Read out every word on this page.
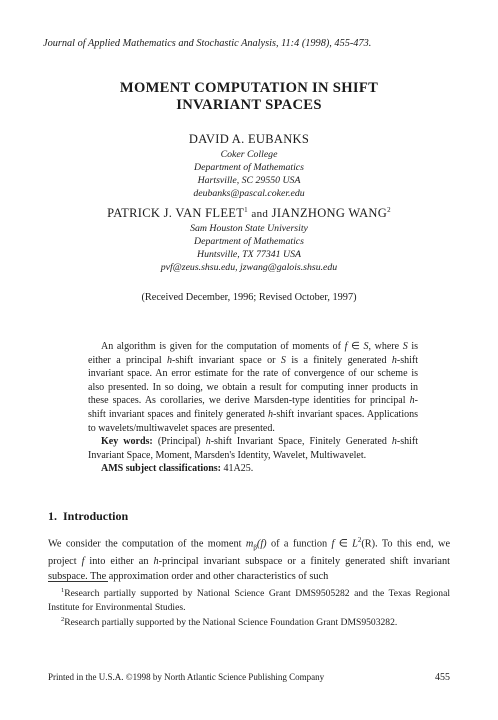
Journal of Applied Mathematics and Stochastic Analysis, 11:4 (1998), 455-473.
MOMENT COMPUTATION IN SHIFT
INVARIANT SPACES
DAVID A. EUBANKS
Coker College
Department of Mathematics
Hartsville, SC 29550 USA
deubanks@pascal.coker.edu
PATRICK J. VAN FLEET$^1$ and JIANZHONG WANG$^2$
Sam Houston State University
Department of Mathematics
Huntsville, TX 77341 USA
pvf@zeus.shsu.edu, jzwang@galois.shsu.edu
(Received December, 1996; Revised October, 1997)

An algorithm is given for the computation of moments of f ∈ S, where S is either a principal h-shift invariant space or S is a finitely generated h-shift invariant space. An error estimate for the rate of convergence of our scheme is also presented. In so doing, we obtain a result for computing inner products in these spaces. As corollaries, we derive Marsden-type identities for principal h-shift invariant spaces and finitely generated h-shift invariant spaces. Applications to wavelets/multiwavelet spaces are presented.

Key words: (Principal) h-shift Invariant Space, Finitely Generated h-shift Invariant Space, Moment, Marsden's Identity, Wavelet, Multiwavelet.

AMS subject classifications: 41A25.

1. Introduction

We consider the computation of the moment $m_\beta(f)$ of a function f ∈ $L^2(R)$. To this end, we project f into either an h-principal invariant subspace or a finitely generated shift invariant subspace. The approximation order and other characteristics of such

$^1$Research partially supported by National Science Grant DMS9505282 and the Texas Regional Institute for Environmental Studies.
$^2$Research partially supported by the National Science Foundation Grant DMS9503282.
Printed in the U.S.A. ©1998 by North Atlantic Science Publishing Company	455
